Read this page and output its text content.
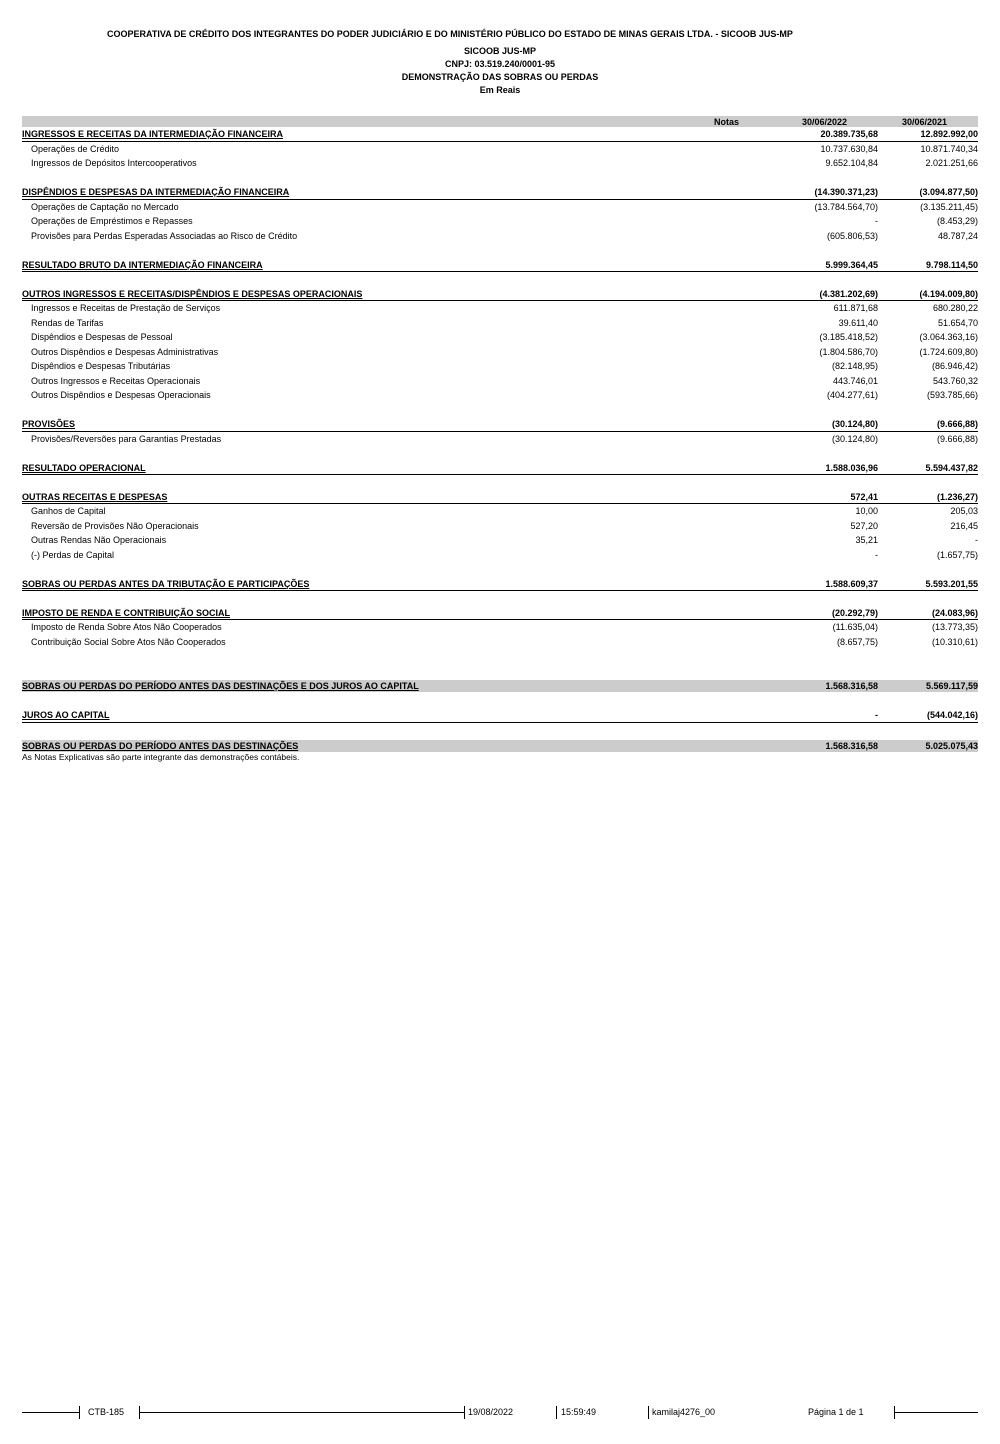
COOPERATIVA DE CRÉDITO DOS INTEGRANTES DO PODER JUDICIÁRIO E DO MINISTÉRIO PÚBLICO DO ESTADO DE MINAS GERAIS LTDA. - SICOOB JUS-MP
SICOOB JUS-MP
CNPJ: 03.519.240/0001-95
DEMONSTRAÇÃO DAS SOBRAS OU PERDAS
Em Reais
Notas	30/06/2022	30/06/2021
INGRESSOS E RECEITAS DA INTERMEDIAÇÃO FINANCEIRA	20.389.735,68	12.892.992,00
Operações de Crédito	10.737.630,84	10.871.740,34
Ingressos de Depósitos Intercooperativos	9.652.104,84	2.021.251,66
DISPÊNDIOS E DESPESAS DA INTERMEDIAÇÃO FINANCEIRA	(14.390.371,23)	(3.094.877,50)
Operações de Captação no Mercado	(13.784.564,70)	(3.135.211,45)
Operações de Empréstimos e Repasses	-	(8.453,29)
Provisões para Perdas Esperadas Associadas ao Risco de Crédito	(605.806,53)	48.787,24
RESULTADO BRUTO DA INTERMEDIAÇÃO FINANCEIRA	5.999.364,45	9.798.114,50
OUTROS INGRESSOS E RECEITAS/DISPÊNDIOS E DESPESAS OPERACIONAIS	(4.381.202,69)	(4.194.009,80)
Ingressos e Receitas de Prestação de Serviços	611.871,68	680.280,22
Rendas de Tarifas	39.611,40	51.654,70
Dispêndios e Despesas de Pessoal	(3.185.418,52)	(3.064.363,16)
Outros Dispêndios e Despesas Administrativas	(1.804.586,70)	(1.724.609,80)
Dispêndios e Despesas Tributárias	(82.148,95)	(86.946,42)
Outros Ingressos e Receitas Operacionais	443.746,01	543.760,32
Outros Dispêndios e Despesas Operacionais	(404.277,61)	(593.785,66)
PROVISÕES	(30.124,80)	(9.666,88)
Provisões/Reversões para Garantias Prestadas	(30.124,80)	(9.666,88)
RESULTADO OPERACIONAL	1.588.036,96	5.594.437,82
OUTRAS RECEITAS E DESPESAS	572,41	(1.236,27)
Ganhos de Capital	10,00	205,03
Reversão de Provisões Não Operacionais	527,20	216,45
Outras Rendas Não Operacionais	35,21	-
(-) Perdas de Capital	-	(1.657,75)
SOBRAS OU PERDAS ANTES DA TRIBUTAÇÃO E PARTICIPAÇÕES	1.588.609,37	5.593.201,55
IMPOSTO DE RENDA E CONTRIBUIÇÃO SOCIAL	(20.292,79)	(24.083,96)
Imposto de Renda Sobre Atos Não Cooperados	(11.635,04)	(13.773,35)
Contribuição Social Sobre Atos Não Cooperados	(8.657,75)	(10.310,61)
SOBRAS OU PERDAS DO PERÍODO ANTES DAS DESTINAÇÕES E DOS JUROS AO CAPITAL	1.568.316,58	5.569.117,59
JUROS AO CAPITAL	-	(544.042,16)
SOBRAS OU PERDAS DO PERÍODO ANTES DAS DESTINAÇÕES	1.568.316,58	5.025.075,43
As Notas Explicativas são parte integrante das demonstrações contábeis.
CTB-185	19/08/2022	15:59:49	kamilaj4276_00	Página 1 de 1
